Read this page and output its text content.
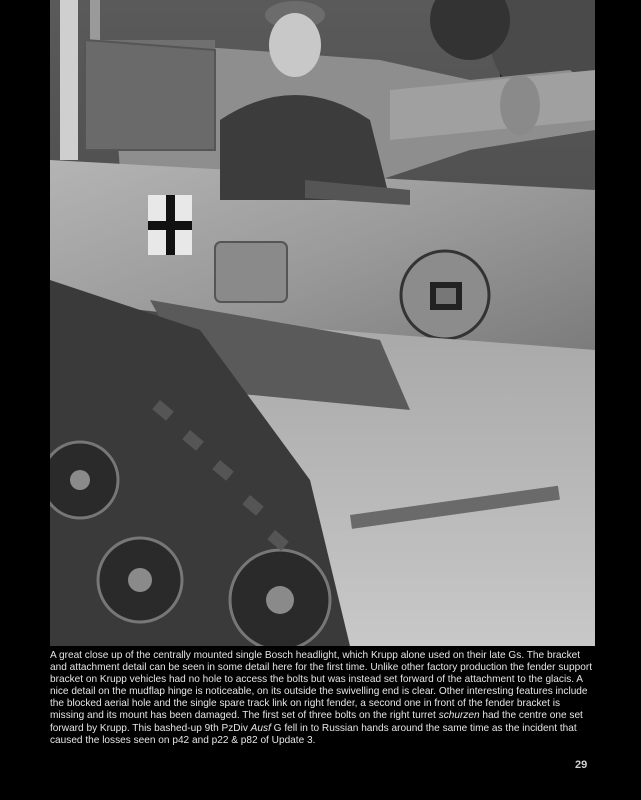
A great close up of the centrally mounted single Bosch headlight, which Krupp alone used on their late Gs. The bracket and attachment detail can be seen in some detail here for the first time. Unlike other factory production the fender support bracket on Krupp vehicles had no hole to access the bolts but was instead set forward of the attachment to the glacis. A nice detail on the mudflap hinge is noticeable, on its outside the swivelling end is clear. Other interesting features include the blocked aerial hole and the single spare track link on right fender, a second one in front of the fender bracket is missing and its mount has been damaged. The first set of three bolts on the right turret schurzen had the centre one set forward by Krupp. This bashed-up 9th PzDiv Ausf G fell in to Russian hands around the same time as the incident that caused the losses seen on p42 and p22 & p82 of Update 3.

29
